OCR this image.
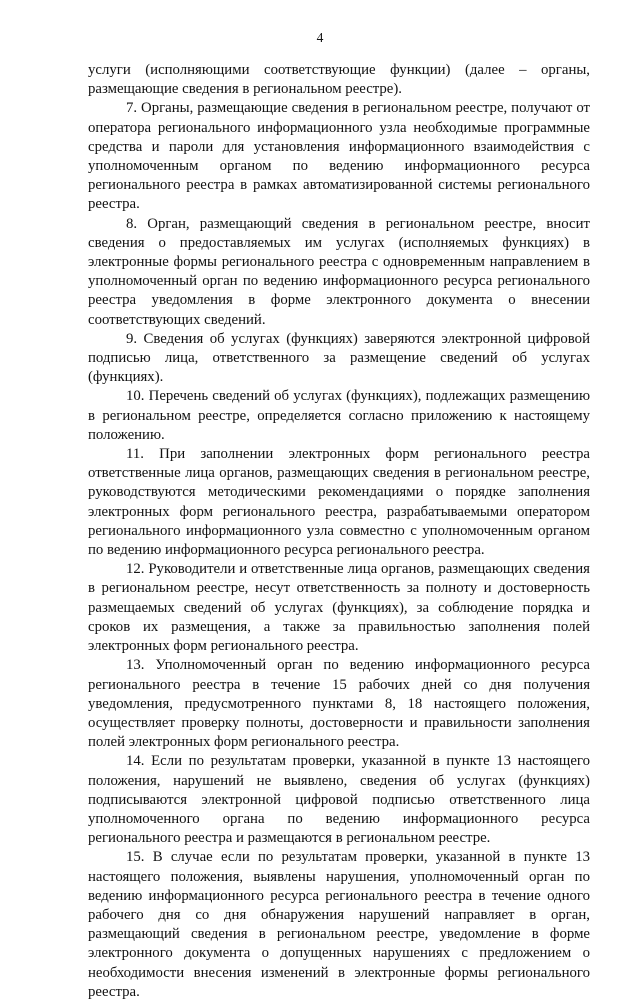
4

услуги (исполняющими соответствующие функции) (далее – органы, размещающие сведения в региональном реестре).

7. Органы, размещающие сведения в региональном реестре, получают от оператора регионального информационного узла необходимые программные средства и пароли для установления информационного взаимодействия с уполномоченным органом по ведению информационного ресурса регионального реестра в рамках автоматизированной системы регионального реестра.

8. Орган, размещающий сведения в региональном реестре, вносит сведения о предоставляемых им услугах (исполняемых функциях) в электронные формы регионального реестра с одновременным направлением в уполномоченный орган по ведению информационного ресурса регионального реестра уведомления в форме электронного документа о внесении соответствующих сведений.

9. Сведения об услугах (функциях) заверяются электронной цифровой подписью лица, ответственного за размещение сведений об услугах (функциях).

10. Перечень сведений об услугах (функциях), подлежащих размещению в региональном реестре, определяется согласно приложению к настоящему положению.

11. При заполнении электронных форм регионального реестра ответственные лица органов, размещающих сведения в региональном реестре, руководствуются методическими рекомендациями о порядке заполнения электронных форм регионального реестра, разрабатываемыми оператором регионального информационного узла совместно с уполномоченным органом по ведению информационного ресурса регионального реестра.

12. Руководители и ответственные лица органов, размещающих сведения в региональном реестре, несут ответственность за полноту и достоверность размещаемых сведений об услугах (функциях), за соблюдение порядка и сроков их размещения, а также за правильностью заполнения полей электронных форм регионального реестра.

13. Уполномоченный орган по ведению информационного ресурса регионального реестра в течение 15 рабочих дней со дня получения уведомления, предусмотренного пунктами 8, 18 настоящего положения, осуществляет проверку полноты, достоверности и правильности заполнения полей электронных форм регионального реестра.

14. Если по результатам проверки, указанной в пункте 13 настоящего положения, нарушений не выявлено, сведения об услугах (функциях) подписываются электронной цифровой подписью ответственного лица уполномоченного органа по ведению информационного ресурса регионального реестра и размещаются в региональном реестре.

15. В случае если по результатам проверки, указанной в пункте 13 настоящего положения, выявлены нарушения, уполномоченный орган по ведению информационного ресурса регионального реестра в течение одного рабочего дня со дня обнаружения нарушений направляет в орган, размещающий сведения в региональном реестре, уведомление в форме электронного документа о допущенных нарушениях с предложением о необходимости внесения изменений в электронные формы регионального реестра.
